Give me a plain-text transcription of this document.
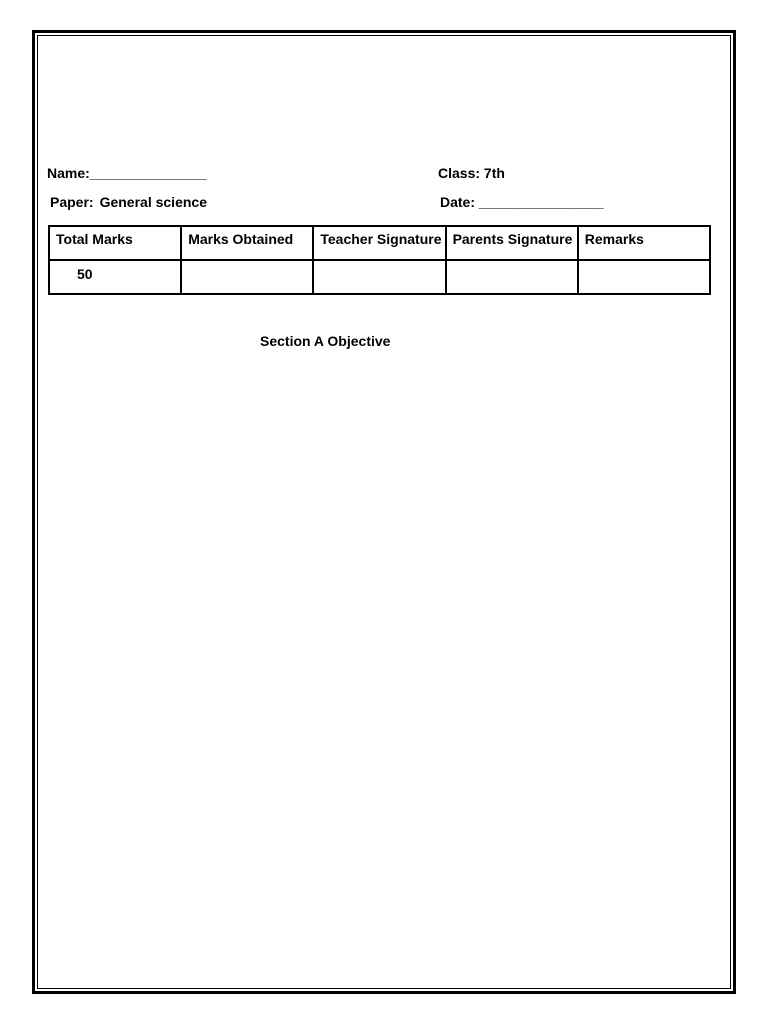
Name:_______________	Class: 7th
Paper: General science	Date: ________________
Total Marks	Marks Obtained	Teacher Signature	Parents Signature	Remarks
50				
Section A Objective
